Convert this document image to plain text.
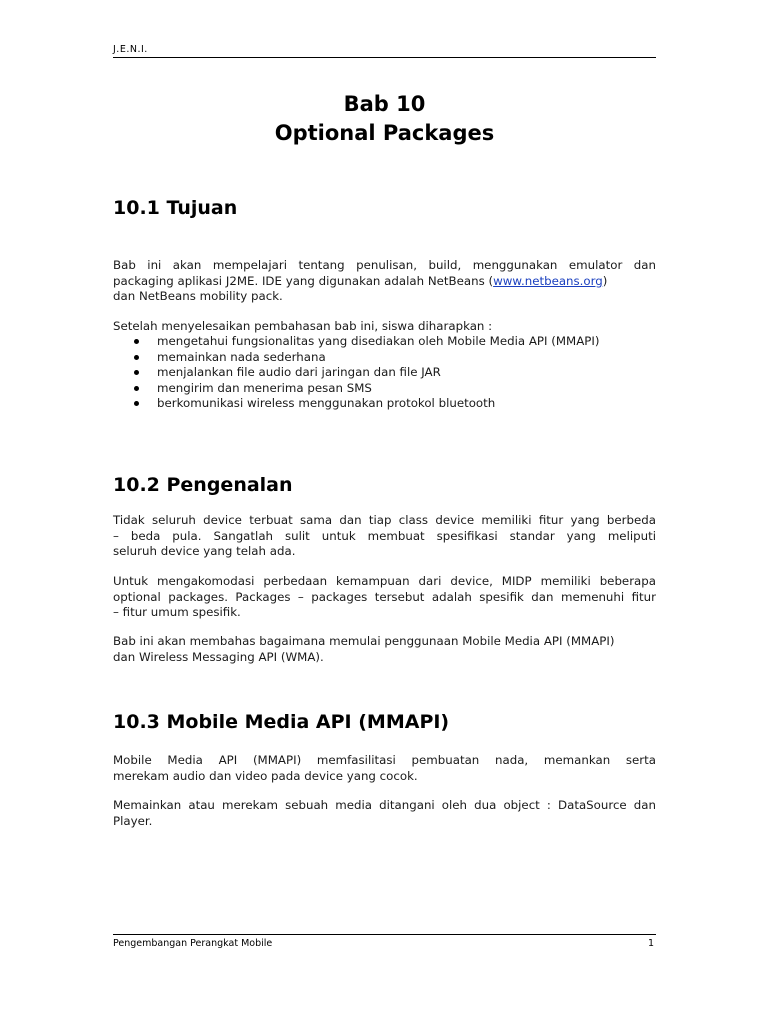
J.E.N.I.
Bab 10
Optional Packages
10.1 Tujuan
Bab ini akan mempelajari tentang penulisan, build, menggunakan emulator dan
packaging aplikasi J2ME. IDE yang digunakan adalah NetBeans (www.netbeans.org)
dan NetBeans mobility pack.
Setelah menyelesaikan pembahasan bab ini, siswa diharapkan :
mengetahui fungsionalitas yang disediakan oleh Mobile Media API (MMAPI)
memainkan nada sederhana
menjalankan file audio dari jaringan dan file JAR
mengirim dan menerima pesan SMS
berkomunikasi wireless menggunakan protokol bluetooth
10.2 Pengenalan
Tidak seluruh device terbuat sama dan tiap class device memiliki fitur yang berbeda
– beda pula. Sangatlah sulit untuk membuat spesifikasi standar yang meliputi
seluruh device yang telah ada.
Untuk mengakomodasi perbedaan kemampuan dari device, MIDP memiliki beberapa
optional packages. Packages – packages tersebut adalah spesifik dan memenuhi fitur
– fitur umum spesifik.
Bab ini akan membahas bagaimana memulai penggunaan Mobile Media API (MMAPI)
dan Wireless Messaging API (WMA).
10.3 Mobile Media API (MMAPI)
Mobile Media API (MMAPI) memfasilitasi pembuatan nada, memankan serta
merekam audio dan video pada device yang cocok.
Memainkan atau merekam sebuah media ditangani oleh dua object : DataSource dan
Player.
Pengembangan Perangkat Mobile	1
